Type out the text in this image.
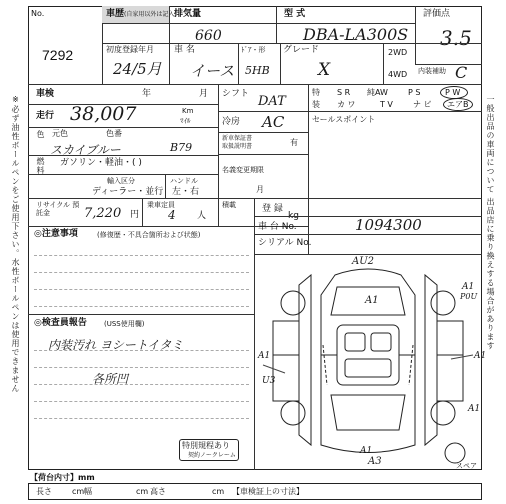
※必ず油性ボールペンをご使用下さい。水性ボールペンは使用できません	一般出品の車両について 出品店に乗り換えする場合があります
No.
7292
車歴 (自家用以外は記入)
排気量
660
型 式
DBA-LA300S
評価点
3.5
初度登録年月
24/5月
車 名
イース
ﾄﾞｱ・形
5HB
グレード
X
2WD
4WD 内装補助 C
車検	年	月
走行 38,007	Km
ﾏｲﾙ
元色	色番
色
スカイブルー	B79
燃料 ガソリン・軽油・( )
輸入区分	ハンドル
ディーラー・並行 左・右
リサイクル 預託金	7,220 円
乗車定員
4 人
積載
kg
シフト DAT
冷房 AC
新車保証書
取扱説明書	有
名義変更期限
月
特 S R 純AW	P S	P W
装 カ ワ	T V	ナ ビ エアB
セールスポイント
登 録
車 台 No.	1094300
シリアル No.
◎注意事項	(修復歴・不具合箇所および状態)
◎検査員報告 (USS使用欄)
内装汚れ ヨシートイタミ
各所凹
特別規程あり
契約ノークレーム
AU2
A1
A1	A1
A1
A1
U3
P0U
A3
A1
スペア
【荷台内寸】mm
長さ	cm 幅	cm 高さ	cm 【車検証上の寸法】
